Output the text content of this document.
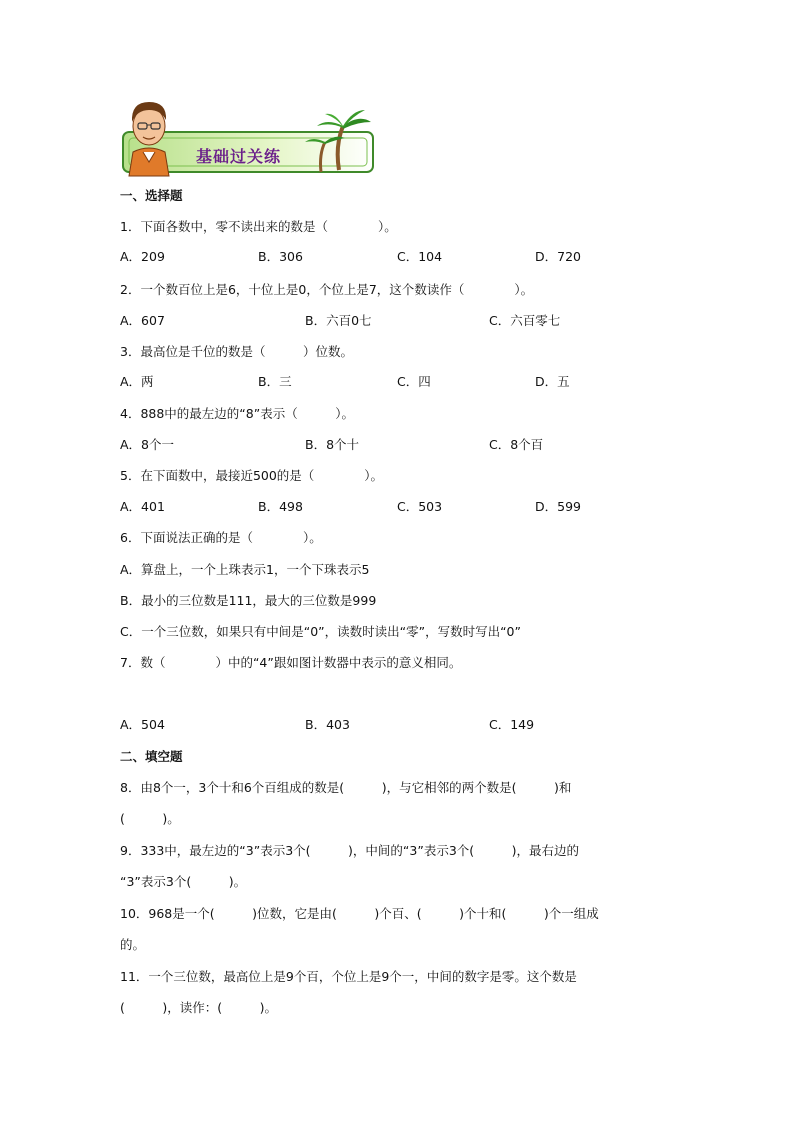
基础过关练
一、选择题
1．下面各数中，零不读出来的数是（　　　　）。
A．209	B．306	C．104	D．720
2．一个数百位上是6，十位上是0，个位上是7，这个数读作（　　　　）。
A．607	B．六百0七	C．六百零七
3．最高位是千位的数是（　　　）位数。
A．两	B．三	C．四	D．五
4．888中的最左边的“8”表示（　　　）。
A．8个一	B．8个十	C．8个百
5．在下面数中，最接近500的是（　　　　）。
A．401	B．498	C．503	D．599
6．下面说法正确的是（　　　　）。
A．算盘上，一个上珠表示1，一个下珠表示5
B．最小的三位数是111，最大的三位数是999
C．一个三位数，如果只有中间是“0”，读数时读出“零”，写数时写出“0”
7．数（　　　　）中的“4”跟如图计数器中表示的意义相同。
A．504	B．403	C．149
二、填空题
8．由8个一，3个十和6个百组成的数是(　　　)，与它相邻的两个数是(　　　)和
(　　　)。
9．333中，最左边的“3”表示3个(　　　)，中间的“3”表示3个(　　　)，最右边的
“3”表示3个(　　　)。
10．968是一个(　　　)位数，它是由(　　　)个百、(　　　)个十和(　　　)个一组成
的。
11．一个三位数，最高位上是9个百，个位上是9个一，中间的数字是零。这个数是
(　　　)，读作：(　　　)。
